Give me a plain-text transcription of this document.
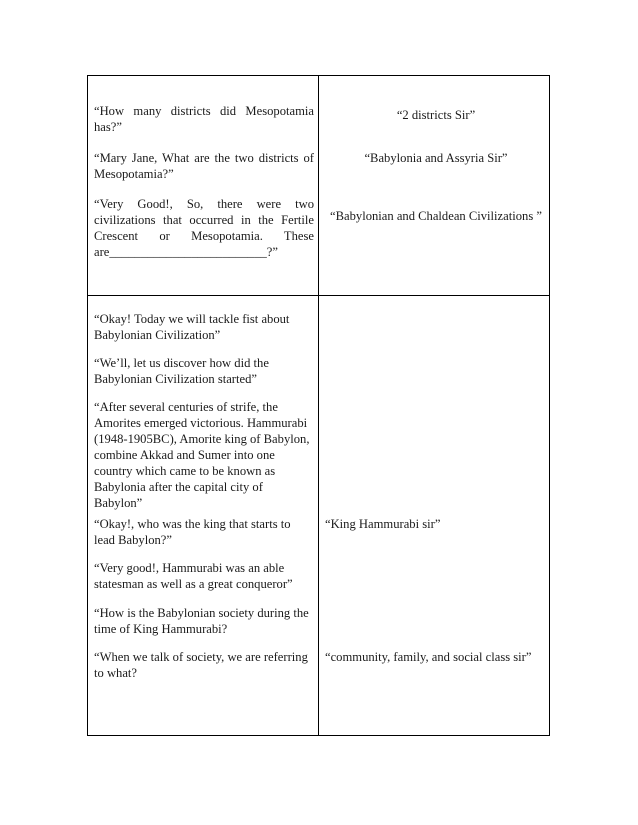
“How many districts did Mesopotamia has?”

“Mary Jane, What are the two districts of Mesopotamia?”

“Very Good!, So, there were two civilizations that occurred in the Fertile Crescent or Mesopotamia. These are_________________________?”

“2 districts Sir”

“Babylonia and Assyria Sir”

“Babylonian and Chaldean Civilizations ”

“Okay! Today we will tackle fist about Babylonian Civilization”

“We’ll, let us discover how did the Babylonian Civilization started”

“After several centuries of strife, the Amorites emerged victorious. Hammurabi (1948-1905BC), Amorite king of Babylon, combine Akkad and Sumer into one country which came to be known as Babylonia after the capital city of Babylon”

“Okay!, who was the king that starts to lead Babylon?”

“Very good!, Hammurabi was an able statesman as well as a great conqueror”

“How is the Babylonian society during the time of King Hammurabi?

“When we talk of society, we are referring to what?

“King Hammurabi sir”

“community, family, and social class sir”
